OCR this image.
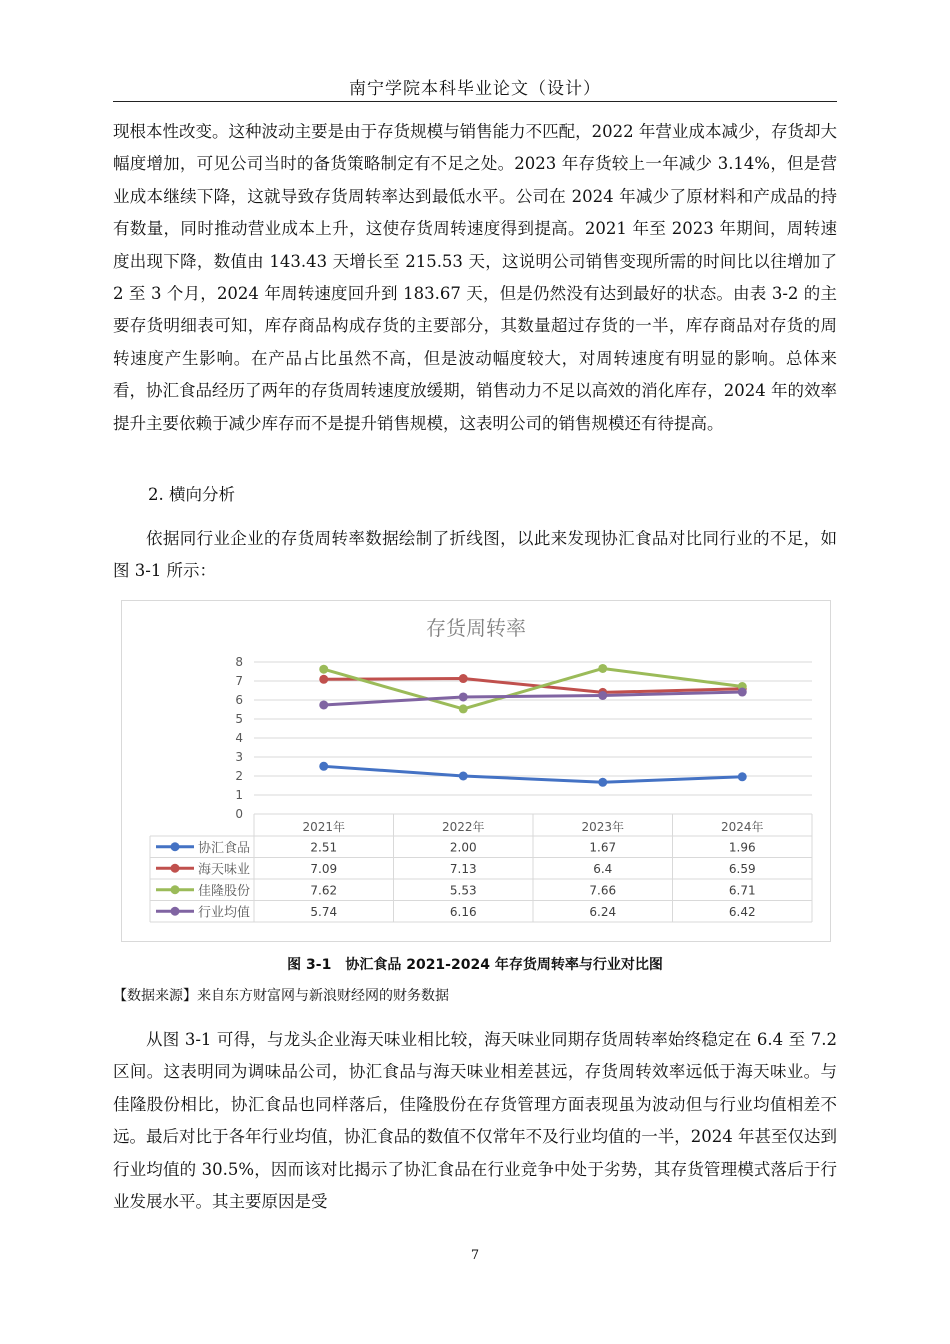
南宁学院本科毕业论文（设计）
现根本性改变。这种波动主要是由于存货规模与销售能力不匹配，2022 年营业成本减少，存货却大幅度增加，可见公司当时的备货策略制定有不足之处。2023 年存货较上一年减少 3.14%，但是营业成本继续下降，这就导致存货周转率达到最低水平。公司在 2024 年减少了原材料和产成品的持有数量，同时推动营业成本上升，这使存货周转速度得到提高。2021 年至 2023 年期间，周转速度出现下降，数值由 143.43 天增长至 215.53 天，这说明公司销售变现所需的时间比以往增加了 2 至 3 个月，2024 年周转速度回升到 183.67 天，但是仍然没有达到最好的状态。由表 3-2 的主要存货明细表可知，库存商品构成存货的主要部分，其数量超过存货的一半，库存商品对存货的周转速度产生影响。在产品占比虽然不高，但是波动幅度较大，对周转速度有明显的影响。总体来看，协汇食品经历了两年的存货周转速度放缓期，销售动力不足以高效的消化库存，2024 年的效率提升主要依赖于减少库存而不是提升销售规模，这表明公司的销售规模还有待提高。
2. 横向分析
依据同行业企业的存货周转率数据绘制了折线图，以此来发现协汇食品对比同行业的不足，如图 3-1 所示：
存货周转率
0
1
2
3
4
5
6
7
8
2021年	2022年	2023年	2024年
协汇食品	2.51	2.00	1.67	1.96
海天味业	7.09	7.13	6.4	6.59
佳隆股份	7.62	5.53	7.66	6.71
行业均值	5.74	6.16	6.24	6.42
图 3-1　协汇食品 2021-2024 年存货周转率与行业对比图
【数据来源】来自东方财富网与新浪财经网的财务数据
从图 3-1 可得，与龙头企业海天味业相比较，海天味业同期存货周转率始终稳定在 6.4 至 7.2 区间。这表明同为调味品公司，协汇食品与海天味业相差甚远，存货周转效率远低于海天味业。与佳隆股份相比，协汇食品也同样落后，佳隆股份在存货管理方面表现虽为波动但与行业均值相差不远。最后对比于各年行业均值，协汇食品的数值不仅常年不及行业均值的一半，2024 年甚至仅达到行业均值的 30.5%，因而该对比揭示了协汇食品在行业竞争中处于劣势，其存货管理模式落后于行业发展水平。其主要原因是受
7
